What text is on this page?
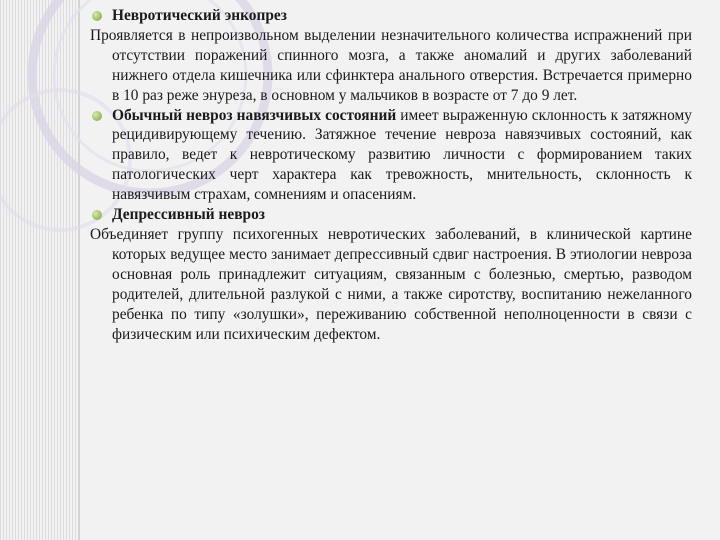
Невротический энкопрез

Проявляется в непроизвольном выделении незначительного количества испражнений при отсутствии поражений спинного мозга, а также аномалий и других заболеваний нижнего отдела кишечника или сфинктера анального отверстия. Встречается примерно в 10 раз реже энуреза, в основном у мальчиков в возрасте от 7 до 9 лет.

Обычный невроз навязчивых состояний имеет выраженную склонность к затяжному рецидивирующему течению. Затяжное течение невроза навязчивых состояний, как правило, ведет к невротическому развитию личности с формированием таких патологических черт характера как тревожность, мнительность, склонность к навязчивым страхам, сомнениям и опасениям.

Депрессивный невроз

Объединяет группу психогенных невротических заболеваний, в клинической картине которых ведущее место занимает депрессивный сдвиг настроения. В этиологии невроза основная роль принадлежит ситуациям, связанным с болезнью, смертью, разводом родителей, длительной разлукой с ними, а также сиротству, воспитанию нежеланного ребенка по типу «золушки», переживанию собственной неполноценности в связи с физическим или психическим дефектом.
